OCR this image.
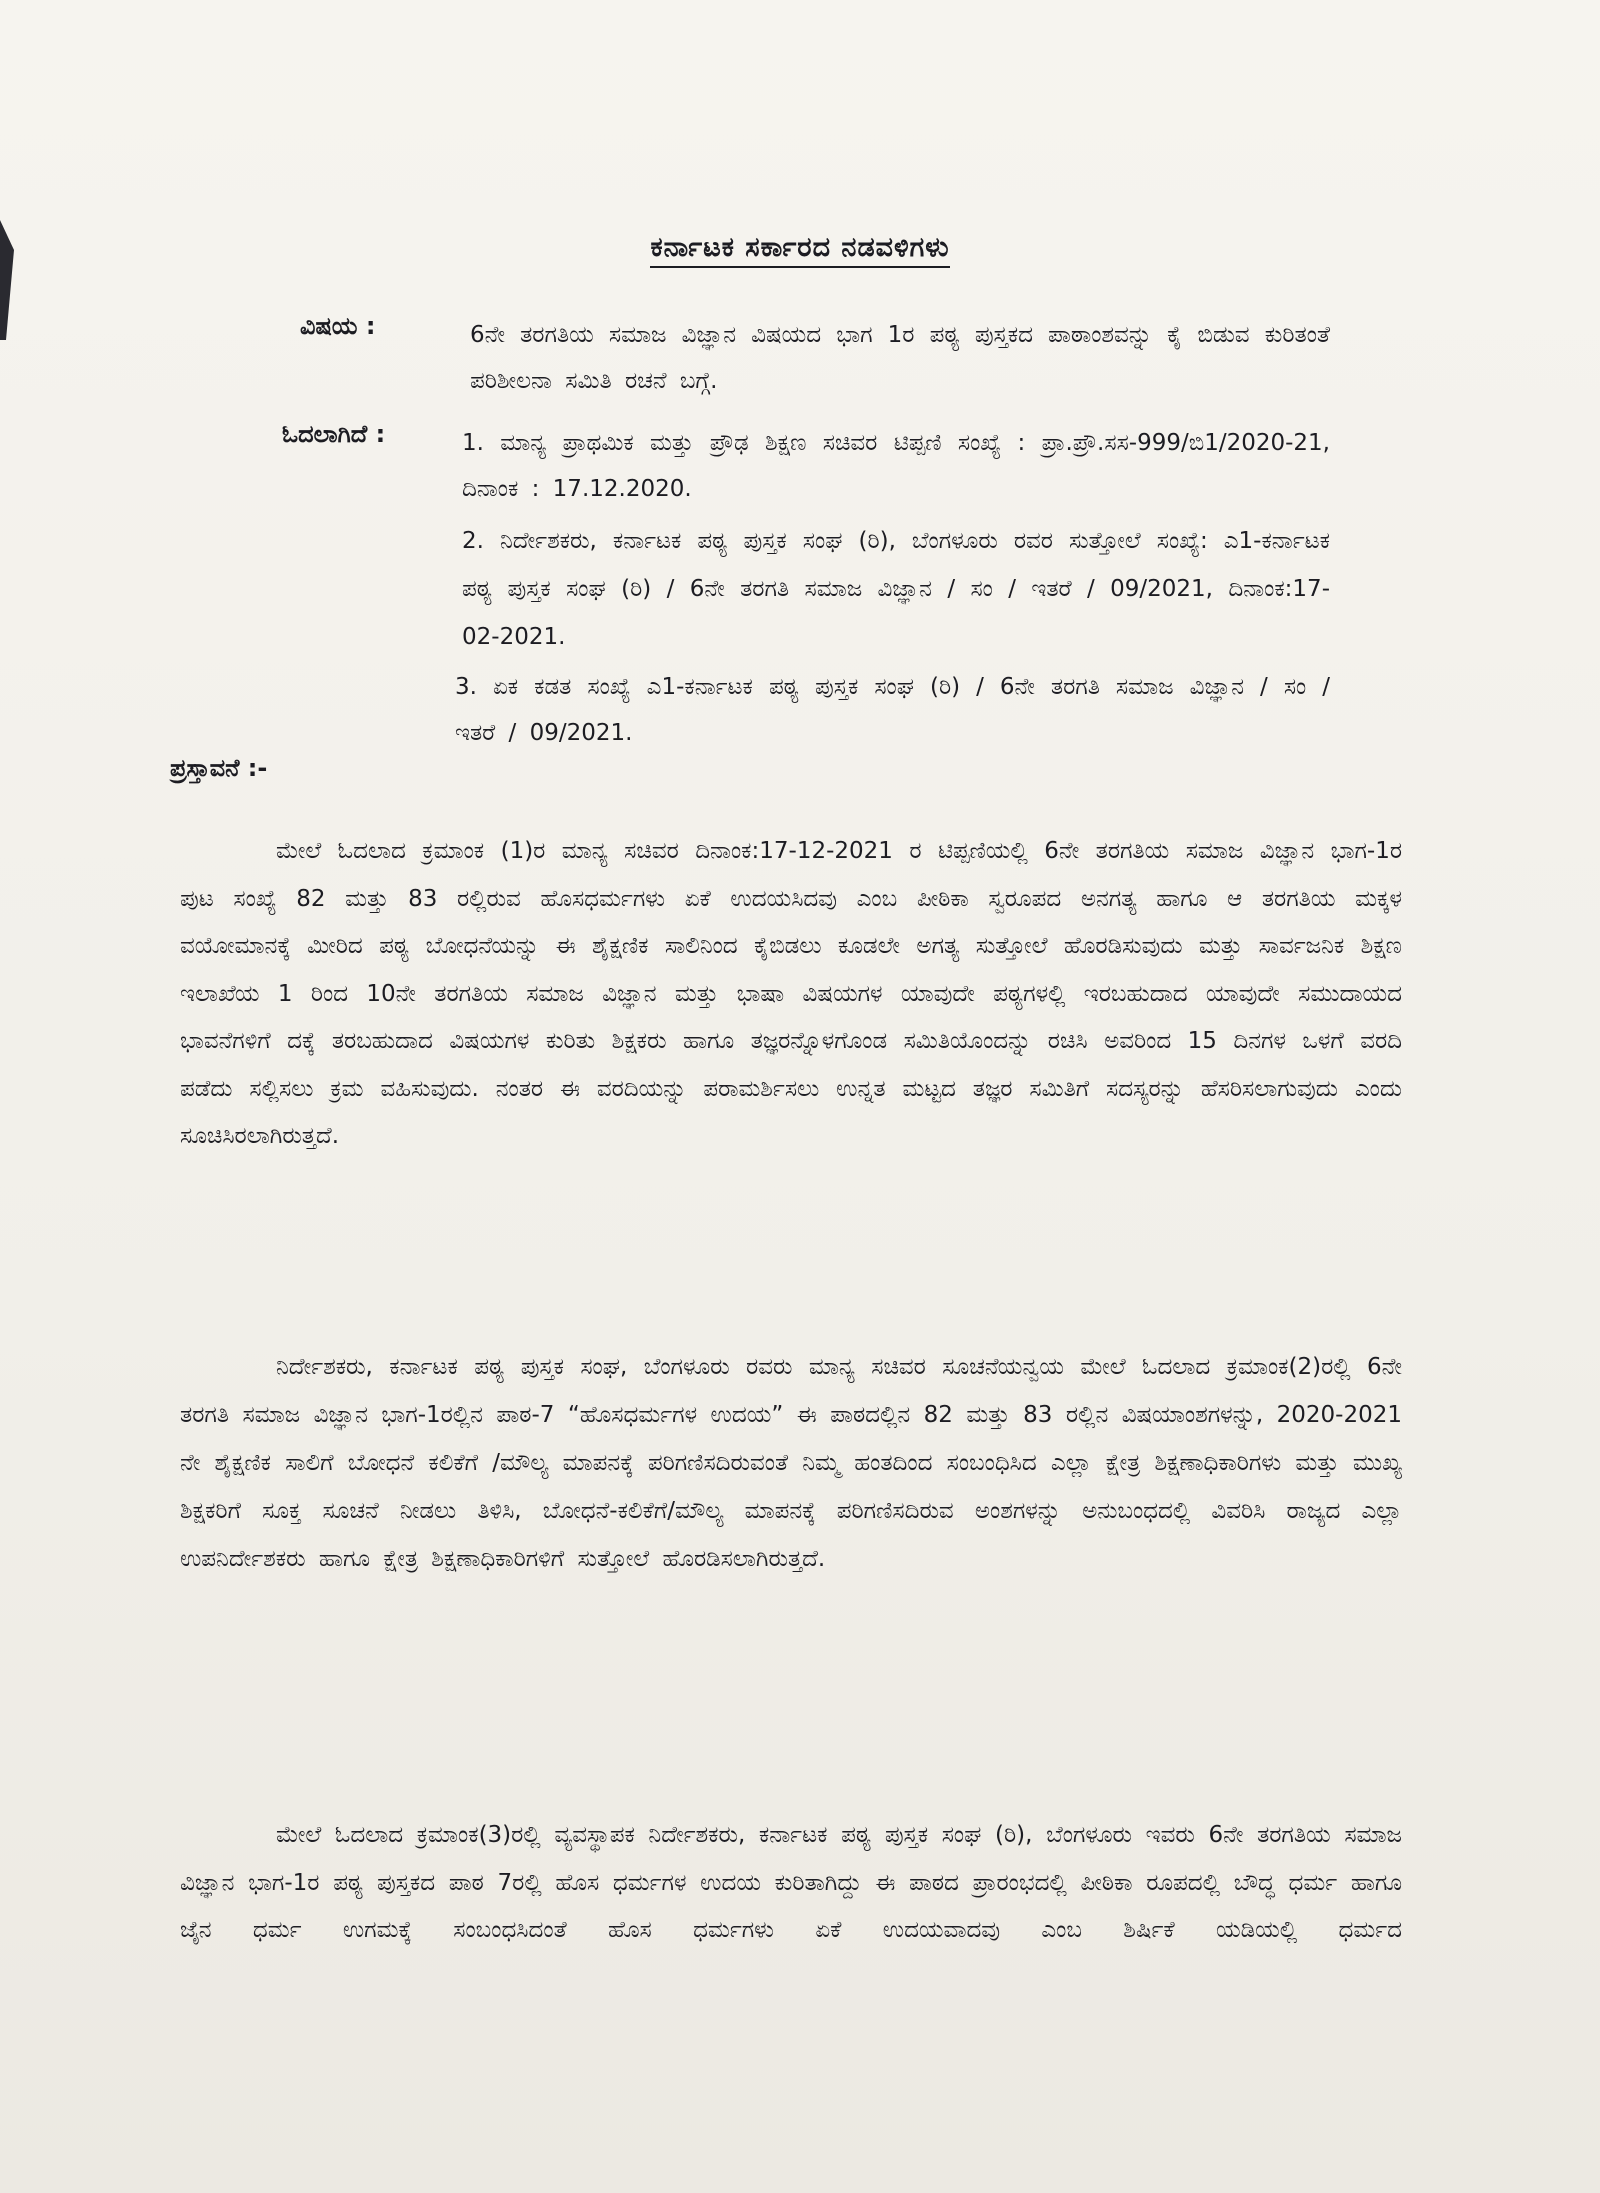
ಕರ್ನಾಟಕ ಸರ್ಕಾರದ ನಡವಳಿಗಳು
ವಿಷಯ :	6ನೇ ತರಗತಿಯ ಸಮಾಜ ವಿಜ್ಞಾನ ವಿಷಯದ ಭಾಗ 1ರ ಪಠ್ಯ ಪುಸ್ತಕದ ಪಾಠಾಂಶವನ್ನು ಕೈ ಬಿಡುವ ಕುರಿತಂತೆ ಪರಿಶೀಲನಾ ಸಮಿತಿ ರಚನೆ ಬಗ್ಗೆ.
ಓದಲಾಗಿದೆ :	1. ಮಾನ್ಯ ಪ್ರಾಥಮಿಕ ಮತ್ತು ಪ್ರೌಢ ಶಿಕ್ಷಣ ಸಚಿವರ ಟಿಪ್ಪಣಿ ಸಂಖ್ಯೆ : ಪ್ರಾ.ಪ್ರೌ.ಸಸ-999/ಬಿ1/2020-21, ದಿನಾಂಕ : 17.12.2020.
2. ನಿರ್ದೇಶಕರು, ಕರ್ನಾಟಕ ಪಠ್ಯ ಪುಸ್ತಕ ಸಂಘ (ರಿ), ಬೆಂಗಳೂರು ರವರ ಸುತ್ತೋಲೆ ಸಂಖ್ಯೆ: ಎ1-ಕರ್ನಾಟಕ ಪಠ್ಯ ಪುಸ್ತಕ ಸಂಘ (ರಿ) / 6ನೇ ತರಗತಿ ಸಮಾಜ ವಿಜ್ಞಾನ / ಸಂ / ಇತರೆ / 09/2021, ದಿನಾಂಕ:17-02-2021.
3. ಏಕ ಕಡತ ಸಂಖ್ಯೆ ಎ1-ಕರ್ನಾಟಕ ಪಠ್ಯ ಪುಸ್ತಕ ಸಂಘ (ರಿ) / 6ನೇ ತರಗತಿ ಸಮಾಜ ವಿಜ್ಞಾನ / ಸಂ / ಇತರೆ / 09/2021.
ಪ್ರಸ್ತಾವನೆ :-
ಮೇಲೆ ಓದಲಾದ ಕ್ರಮಾಂಕ (1)ರ ಮಾನ್ಯ ಸಚಿವರ ದಿನಾಂಕ:17-12-2021 ರ ಟಿಪ್ಪಣಿಯಲ್ಲಿ 6ನೇ ತರಗತಿಯ ಸಮಾಜ ವಿಜ್ಞಾನ ಭಾಗ-1ರ ಪುಟ ಸಂಖ್ಯೆ 82 ಮತ್ತು 83 ರಲ್ಲಿರುವ ಹೊಸಧರ್ಮಗಳು ಏಕೆ ಉದಯಸಿದವು ಎಂಬ ಪೀಠಿಕಾ ಸ್ವರೂಪದ ಅನಗತ್ಯ ಹಾಗೂ ಆ ತರಗತಿಯ ಮಕ್ಕಳ ವಯೋಮಾನಕ್ಕೆ ಮೀರಿದ ಪಠ್ಯ ಬೋಧನೆಯನ್ನು ಈ ಶೈಕ್ಷಣಿಕ ಸಾಲಿನಿಂದ ಕೈಬಿಡಲು ಕೂಡಲೇ ಅಗತ್ಯ ಸುತ್ತೋಲೆ ಹೊರಡಿಸುವುದು ಮತ್ತು ಸಾರ್ವಜನಿಕ ಶಿಕ್ಷಣ ಇಲಾಖೆಯ 1 ರಿಂದ 10ನೇ ತರಗತಿಯ ಸಮಾಜ ವಿಜ್ಞಾನ ಮತ್ತು ಭಾಷಾ ವಿಷಯಗಳ ಯಾವುದೇ ಪಠ್ಯಗಳಲ್ಲಿ ಇರಬಹುದಾದ ಯಾವುದೇ ಸಮುದಾಯದ ಭಾವನೆಗಳಿಗೆ ದಕ್ಕೆ ತರಬಹುದಾದ ವಿಷಯಗಳ ಕುರಿತು ಶಿಕ್ಷಕರು ಹಾಗೂ ತಜ್ಞರನ್ನೊಳಗೊಂಡ ಸಮಿತಿಯೊಂದನ್ನು ರಚಿಸಿ ಅವರಿಂದ 15 ದಿನಗಳ ಒಳಗೆ ವರದಿ ಪಡೆದು ಸಲ್ಲಿಸಲು ಕ್ರಮ ವಹಿಸುವುದು. ನಂತರ ಈ ವರದಿಯನ್ನು ಪರಾಮರ್ಶಿಸಲು ಉನ್ನತ ಮಟ್ಟದ ತಜ್ಞರ ಸಮಿತಿಗೆ ಸದಸ್ಯರನ್ನು ಹೆಸರಿಸಲಾಗುವುದು ಎಂದು ಸೂಚಿಸಿರಲಾಗಿರುತ್ತದೆ.
ನಿರ್ದೇಶಕರು, ಕರ್ನಾಟಕ ಪಠ್ಯ ಪುಸ್ತಕ ಸಂಘ, ಬೆಂಗಳೂರು ರವರು ಮಾನ್ಯ ಸಚಿವರ ಸೂಚನೆಯನ್ವಯ ಮೇಲೆ ಓದಲಾದ ಕ್ರಮಾಂಕ(2)ರಲ್ಲಿ 6ನೇ ತರಗತಿ ಸಮಾಜ ವಿಜ್ಞಾನ ಭಾಗ-1ರಲ್ಲಿನ ಪಾಠ-7 “ಹೊಸಧರ್ಮಗಳ ಉದಯ” ಈ ಪಾಠದಲ್ಲಿನ 82 ಮತ್ತು 83 ರಲ್ಲಿನ ವಿಷಯಾಂಶಗಳನ್ನು, 2020-2021 ನೇ ಶೈಕ್ಷಣಿಕ ಸಾಲಿಗೆ ಬೋಧನೆ ಕಲಿಕೆಗೆ /ಮೌಲ್ಯ ಮಾಪನಕ್ಕೆ ಪರಿಗಣಿಸದಿರುವಂತೆ ನಿಮ್ಮ ಹಂತದಿಂದ ಸಂಬಂಧಿಸಿದ ಎಲ್ಲಾ ಕ್ಷೇತ್ರ ಶಿಕ್ಷಣಾಧಿಕಾರಿಗಳು ಮತ್ತು ಮುಖ್ಯ ಶಿಕ್ಷಕರಿಗೆ ಸೂಕ್ತ ಸೂಚನೆ ನೀಡಲು ತಿಳಿಸಿ, ಬೋಧನೆ-ಕಲಿಕೆಗೆ/ಮೌಲ್ಯ ಮಾಪನಕ್ಕೆ ಪರಿಗಣಿಸದಿರುವ ಅಂಶಗಳನ್ನು ಅನುಬಂಧದಲ್ಲಿ ವಿವರಿಸಿ ರಾಜ್ಯದ ಎಲ್ಲಾ ಉಪನಿರ್ದೇಶಕರು ಹಾಗೂ ಕ್ಷೇತ್ರ ಶಿಕ್ಷಣಾಧಿಕಾರಿಗಳಿಗೆ ಸುತ್ತೋಲೆ ಹೊರಡಿಸಲಾಗಿರುತ್ತದೆ.
ಮೇಲೆ ಓದಲಾದ ಕ್ರಮಾಂಕ(3)ರಲ್ಲಿ ವ್ಯವಸ್ಥಾಪಕ ನಿರ್ದೇಶಕರು, ಕರ್ನಾಟಕ ಪಠ್ಯ ಪುಸ್ತಕ ಸಂಘ (ರಿ), ಬೆಂಗಳೂರು ಇವರು 6ನೇ ತರಗತಿಯ ಸಮಾಜ ವಿಜ್ಞಾನ ಭಾಗ-1ರ ಪಠ್ಯ ಪುಸ್ತಕದ ಪಾಠ 7ರಲ್ಲಿ ಹೊಸ ಧರ್ಮಗಳ ಉದಯ ಕುರಿತಾಗಿದ್ದು ಈ ಪಾಠದ ಪ್ರಾರಂಭದಲ್ಲಿ ಪೀಠಿಕಾ ರೂಪದಲ್ಲಿ ಬೌದ್ಧ ಧರ್ಮ ಹಾಗೂ ಜೈನ ಧರ್ಮ ಉಗಮಕ್ಕೆ ಸಂಬಂಧಸಿದಂತೆ ಹೊಸ ಧರ್ಮಗಳು ಏಕೆ ಉದಯವಾದವು ಎಂಬ ಶಿರ್ಷಿಕೆ ಯಡಿಯಲ್ಲಿ ಧರ್ಮದ
